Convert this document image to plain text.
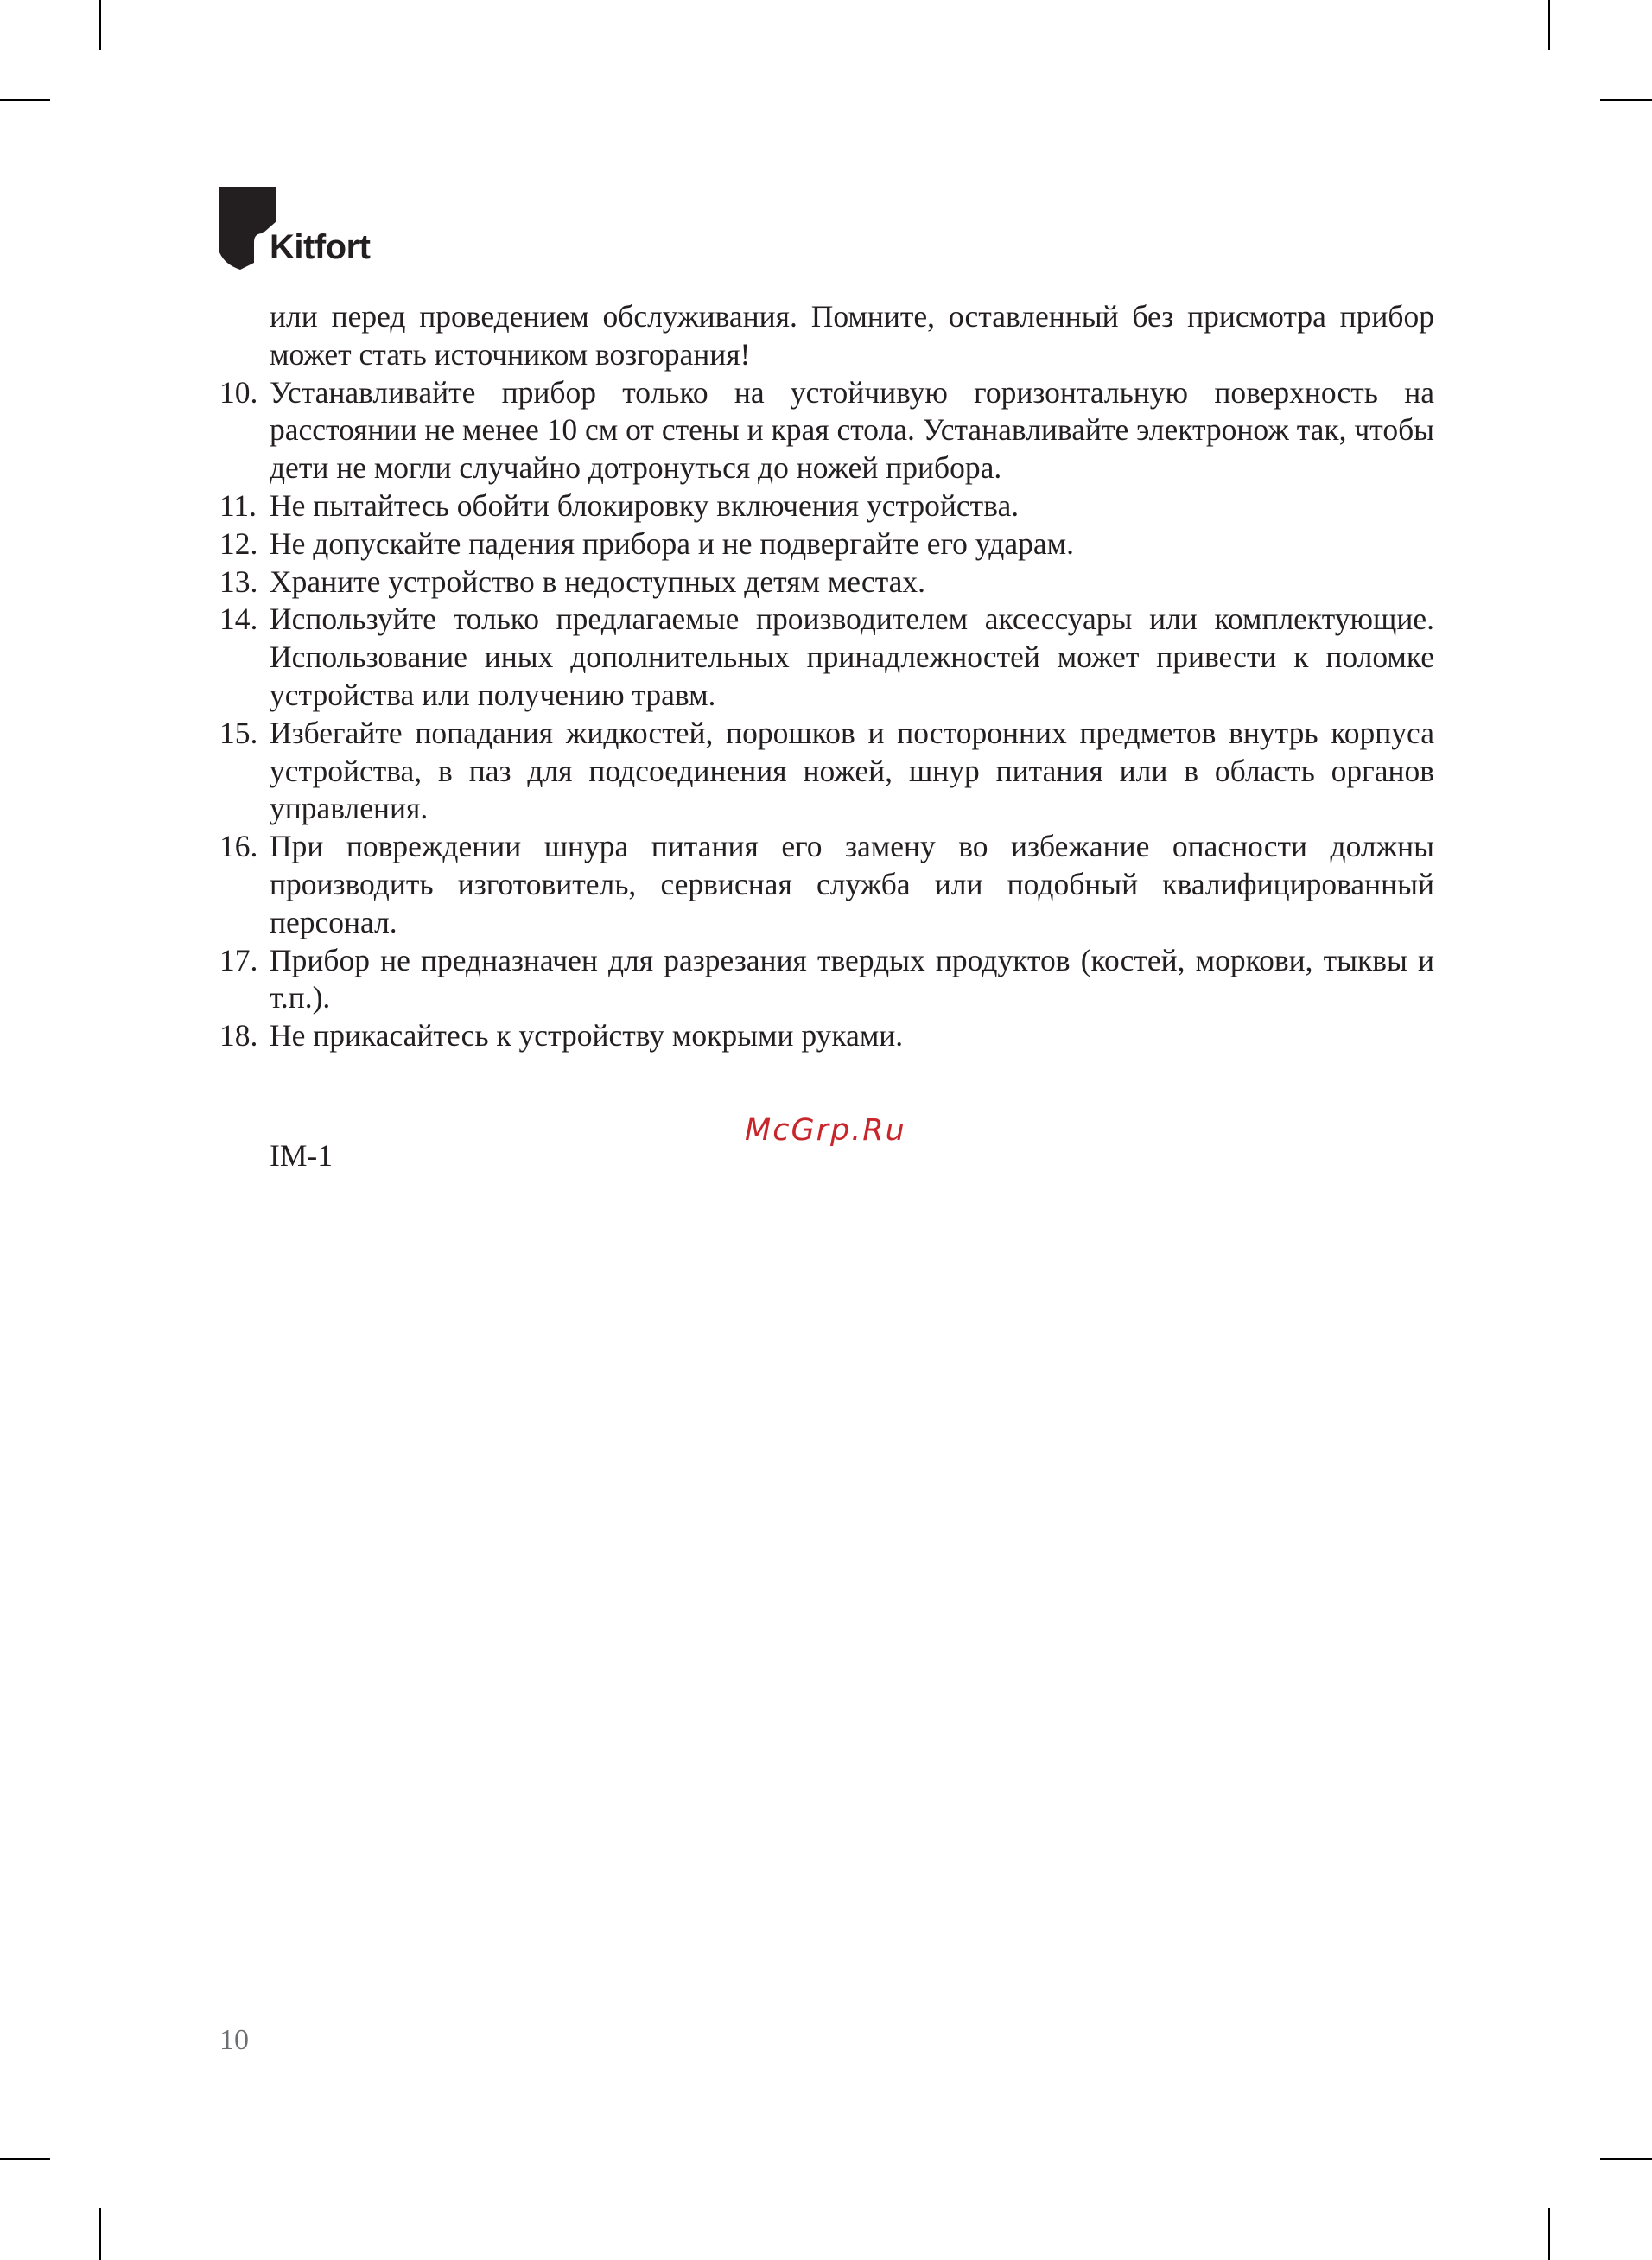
Kitfort
или перед проведением обслуживания. Помните, оставленный без присмотра прибор может стать источником возгорания!
10. Устанавливайте прибор только на устойчивую горизонтальную поверхность на расстоянии не менее 10 см от стены и края стола. Устанавливайте электронож так, чтобы дети не могли случайно дотронуться до ножей прибора.
11. Не пытайтесь обойти блокировку включения устройства.
12. Не допускайте падения прибора и не подвергайте его ударам.
13. Храните устройство в недоступных детям местах.
14. Используйте только предлагаемые производителем аксессуары или комплектующие. Использование иных дополнительных принадлежностей может привести к поломке устройства или получению травм.
15. Избегайте попадания жидкостей, порошков и посторонних предметов внутрь корпуса устройства, в паз для подсоединения ножей, шнур питания или в область органов управления.
16. При повреждении шнура питания его замену во избежание опасности должны производить изготовитель, сервисная служба или подобный квалифицированный персонал.
17. Прибор не предназначен для разрезания твердых продуктов (костей, моркови, тыквы и т.п.).
18. Не прикасайтесь к устройству мокрыми руками.
IM-1
McGrp.Ru
10
